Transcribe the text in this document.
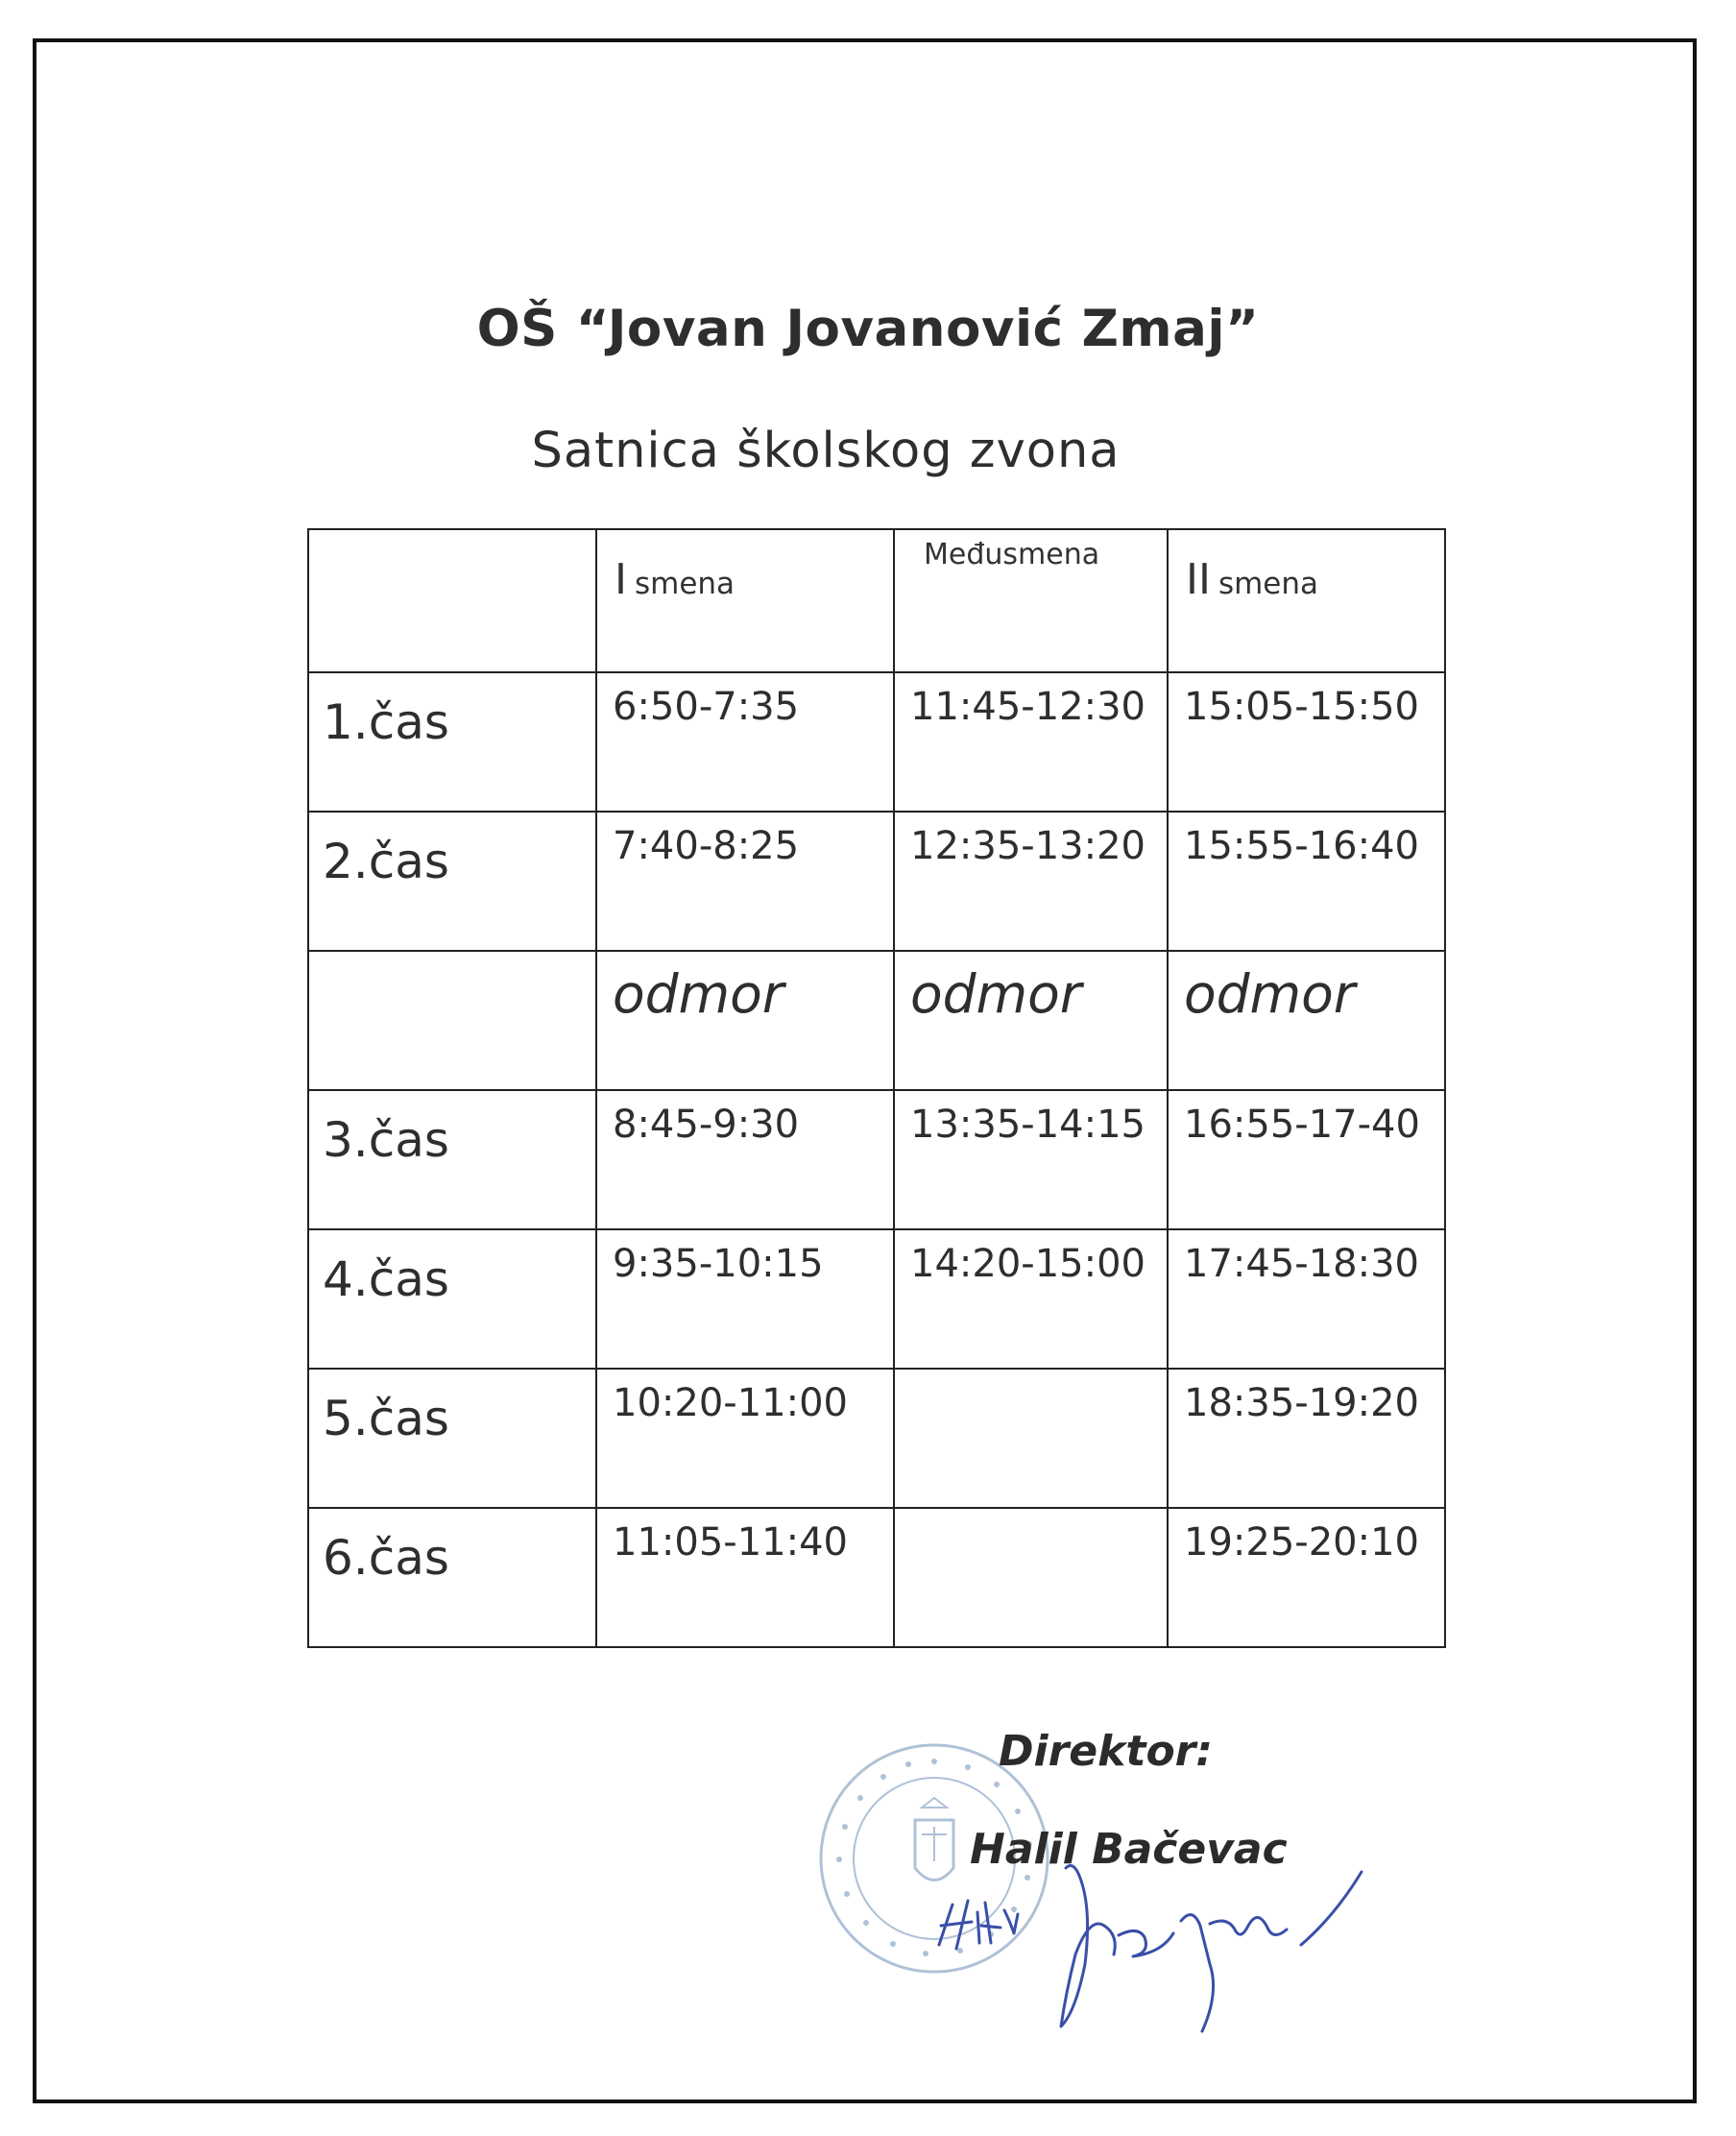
OŠ “Jovan Jovanović Zmaj”
Satnica školskog zvona
	I smena	Međusmena	II smena
1.čas	6:50-7:35	11:45-12:30	15:05-15:50
2.čas	7:40-8:25	12:35-13:20	15:55-16:40
	odmor	odmor	odmor
3.čas	8:45-9:30	13:35-14:15	16:55-17-40
4.čas	9:35-10:15	14:20-15:00	17:45-18:30
5.čas	10:20-11:00		18:35-19:20
6.čas	11:05-11:40		19:25-20:10
Direktor:
Halil Bačevac
